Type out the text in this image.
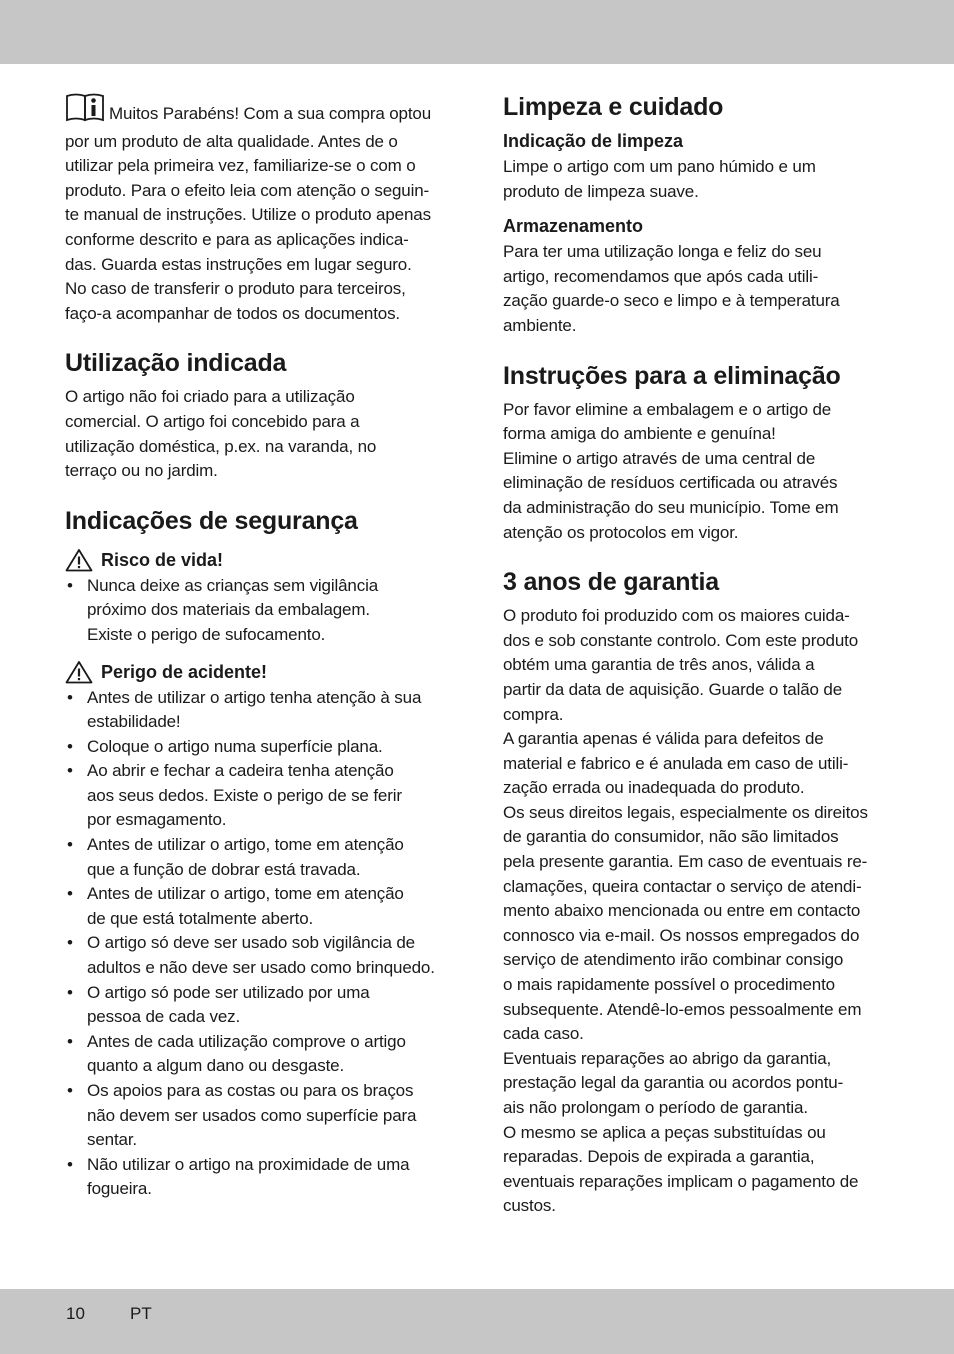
Muitos Parabéns! Com a sua compra optou
por um produto de alta qualidade. Antes de o
utilizar pela primeira vez, familiarize-se o com o
produto. Para o efeito leia com atenção o seguin-
te manual de instruções. Utilize o produto apenas
conforme descrito e para as aplicações indica-
das. Guarda estas instruções em lugar seguro.
No caso de transferir o produto para terceiros,
faço-a acompanhar de todos os documentos.

Utilização indicada

O artigo não foi criado para a utilização
comercial. O artigo foi concebido para a
utilização doméstica, p.ex. na varanda, no
terraço ou no jardim.

Indicações de segurança
Risco de vida!
• Nunca deixe as crianças sem vigilância
próximo dos materiais da embalagem.
Existe o perigo de sufocamento.
Perigo de acidente!
• Antes de utilizar o artigo tenha atenção à sua
estabilidade!
• Coloque o artigo numa superfície plana.
• Ao abrir e fechar a cadeira tenha atenção
aos seus dedos. Existe o perigo de se ferir
por esmagamento.
• Antes de utilizar o artigo, tome em atenção
que a função de dobrar está travada.
• Antes de utilizar o artigo, tome em atenção
de que está totalmente aberto.
• O artigo só deve ser usado sob vigilância de
adultos e não deve ser usado como brinquedo.
• O artigo só pode ser utilizado por uma
pessoa de cada vez.
• Antes de cada utilização comprove o artigo
quanto a algum dano ou desgaste.
• Os apoios para as costas ou para os braços
não devem ser usados como superfície para
sentar.
• Não utilizar o artigo na proximidade de uma
fogueira.
Limpeza e cuidado
Indicação de limpeza

Limpe o artigo com um pano húmido e um
produto de limpeza suave.

Armazenamento

Para ter uma utilização longa e feliz do seu
artigo, recomendamos que após cada utili-
zação guarde-o seco e limpo e à temperatura
ambiente.

Instruções para a eliminação

Por favor elimine a embalagem e o artigo de
forma amiga do ambiente e genuína!
Elimine o artigo através de uma central de
eliminação de resíduos certificada ou através
da administração do seu município. Tome em
atenção os protocolos em vigor.

3 anos de garantia

O produto foi produzido com os maiores cuida-
dos e sob constante controlo. Com este produto
obtém uma garantia de três anos, válida a
partir da data de aquisição. Guarde o talão de
compra.
A garantia apenas é válida para defeitos de
material e fabrico e é anulada em caso de utili-
zação errada ou inadequada do produto.
Os seus direitos legais, especialmente os direitos
de garantia do consumidor, não são limitados
pela presente garantia. Em caso de eventuais re-
clamações, queira contactar o serviço de atendi-
mento abaixo mencionada ou entre em contacto
connosco via e-mail. Os nossos empregados do
serviço de atendimento irão combinar consigo
o mais rapidamente possível o procedimento
subsequente. Atendê-lo-emos pessoalmente em
cada caso.
Eventuais reparações ao abrigo da garantia,
prestação legal da garantia ou acordos pontu-
ais não prolongam o período de garantia.
O mesmo se aplica a peças substituídas ou
reparadas. Depois de expirada a garantia,
eventuais reparações implicam o pagamento de
custos.

10	PT
